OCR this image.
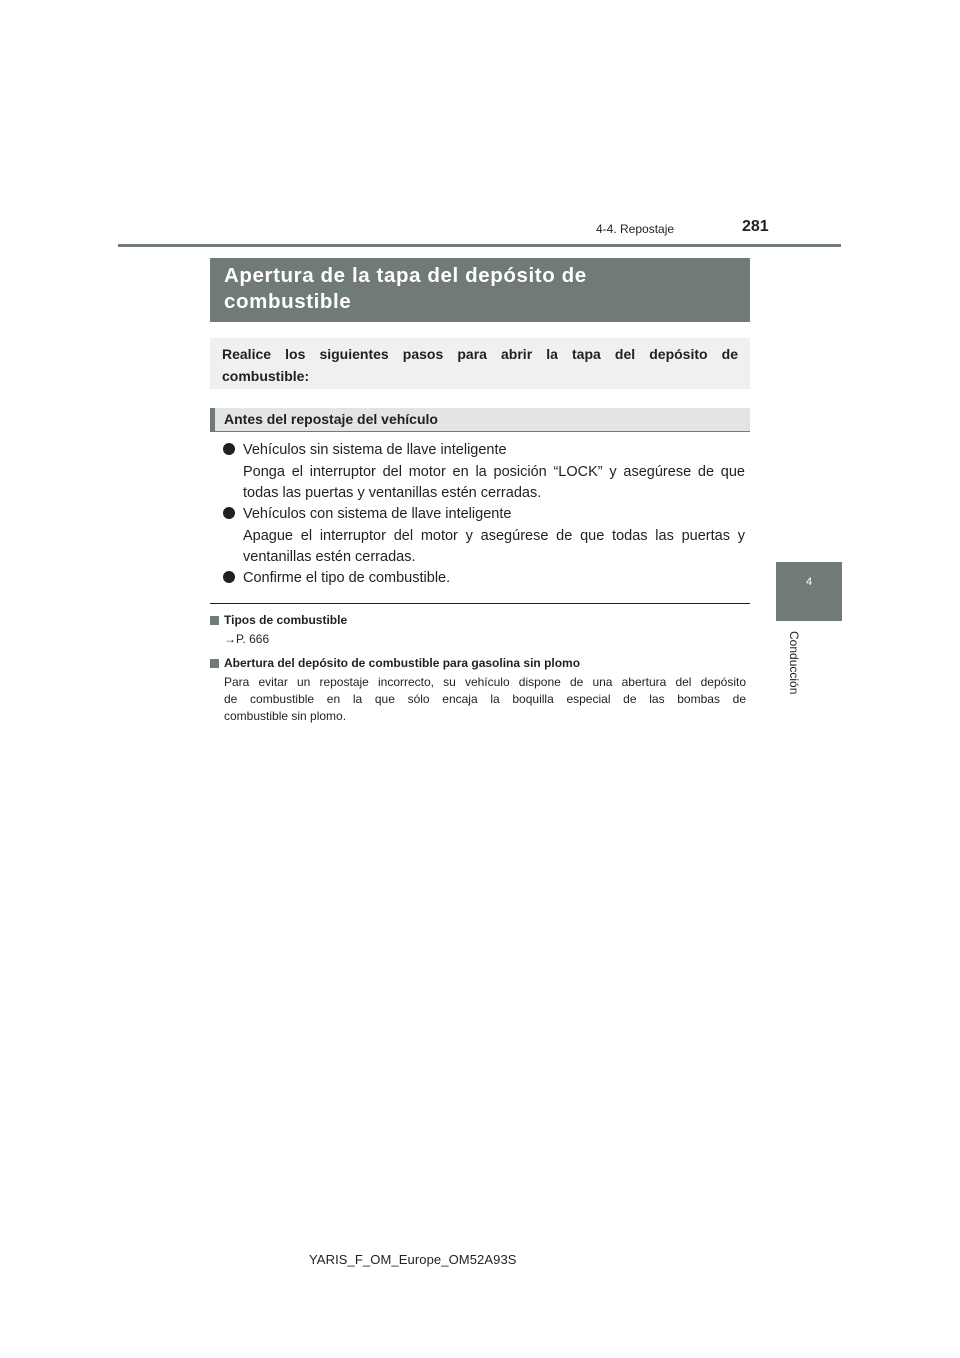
4-4. Repostaje	281
4
Conducción
Apertura de la tapa del depósito de
combustible
Realice los siguientes pasos para abrir la tapa del depósito de
combustible:
Antes del repostaje del vehículo
Vehículos sin sistema de llave inteligente
Ponga el interruptor del motor en la posición “LOCK” y asegúrese de que
todas las puertas y ventanillas estén cerradas.
Vehículos con sistema de llave inteligente
Apague el interruptor del motor y asegúrese de que todas las puertas y
ventanillas estén cerradas.
Confirme el tipo de combustible.
Tipos de combustible
→P. 666
Abertura del depósito de combustible para gasolina sin plomo
Para evitar un repostaje incorrecto, su vehículo dispone de una abertura del depósito
de combustible en la que sólo encaja la boquilla especial de las bombas de
combustible sin plomo.
YARIS_F_OM_Europe_OM52A93S
